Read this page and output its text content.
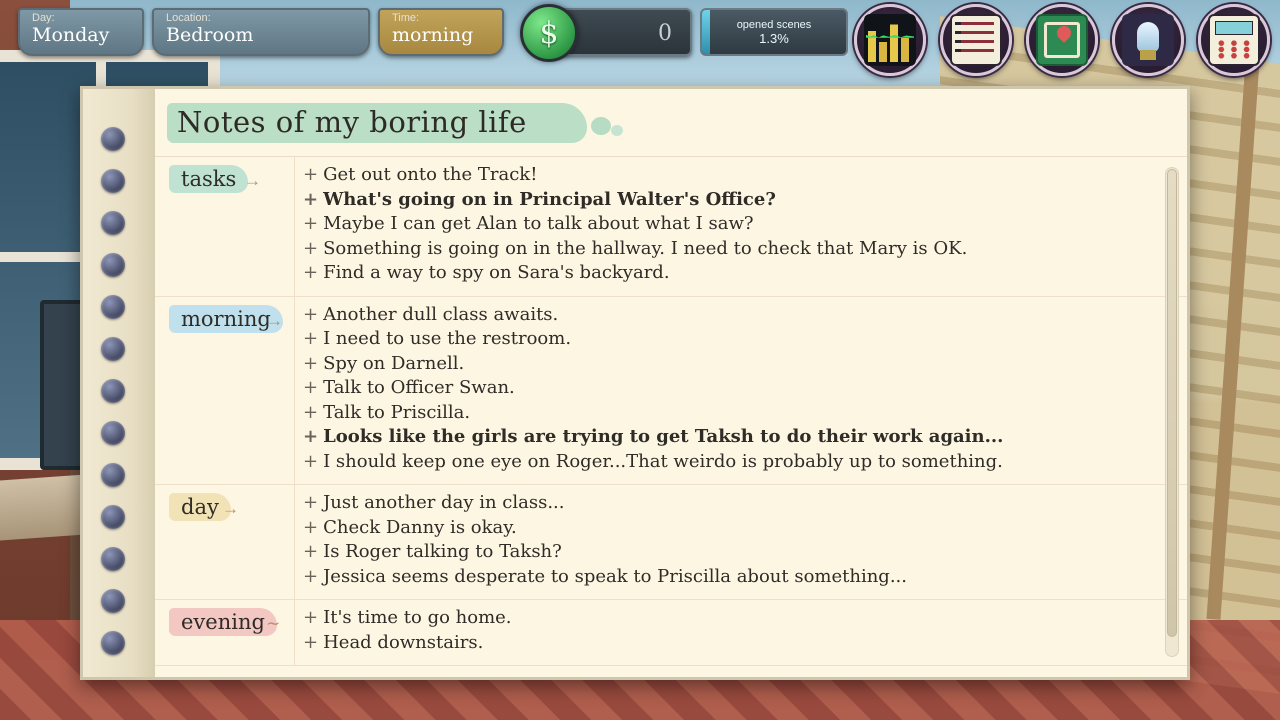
Day:
Monday
Location:
Bedroom
Time:
morning	$	0	opened scenes
1.3%
Notes of my boring life
tasks → + Get out onto the Track!
+ What's going on in Principal Walter's Office?
+ Maybe I can get Alan to talk about what I saw?
+ Something is going on in the hallway. I need to check that Mary is OK.
+ Find a way to spy on Sara's backyard.
morning
→ + Another dull class awaits.
+ I need to use the restroom.
+ Spy on Darnell.
+ Talk to Officer Swan.
+ Talk to Priscilla.
+ Looks like the girls are trying to get Taksh to do their work again...
+ I should keep one eye on Roger...That weirdo is probably up to something.
day →	+ Just another day in class...
+ Check Danny is okay.
+ Is Roger talking to Taksh?
+ Jessica seems desperate to speak to Priscilla about something...
evening ∼ + It's time to go home.
+ Head downstairs.
